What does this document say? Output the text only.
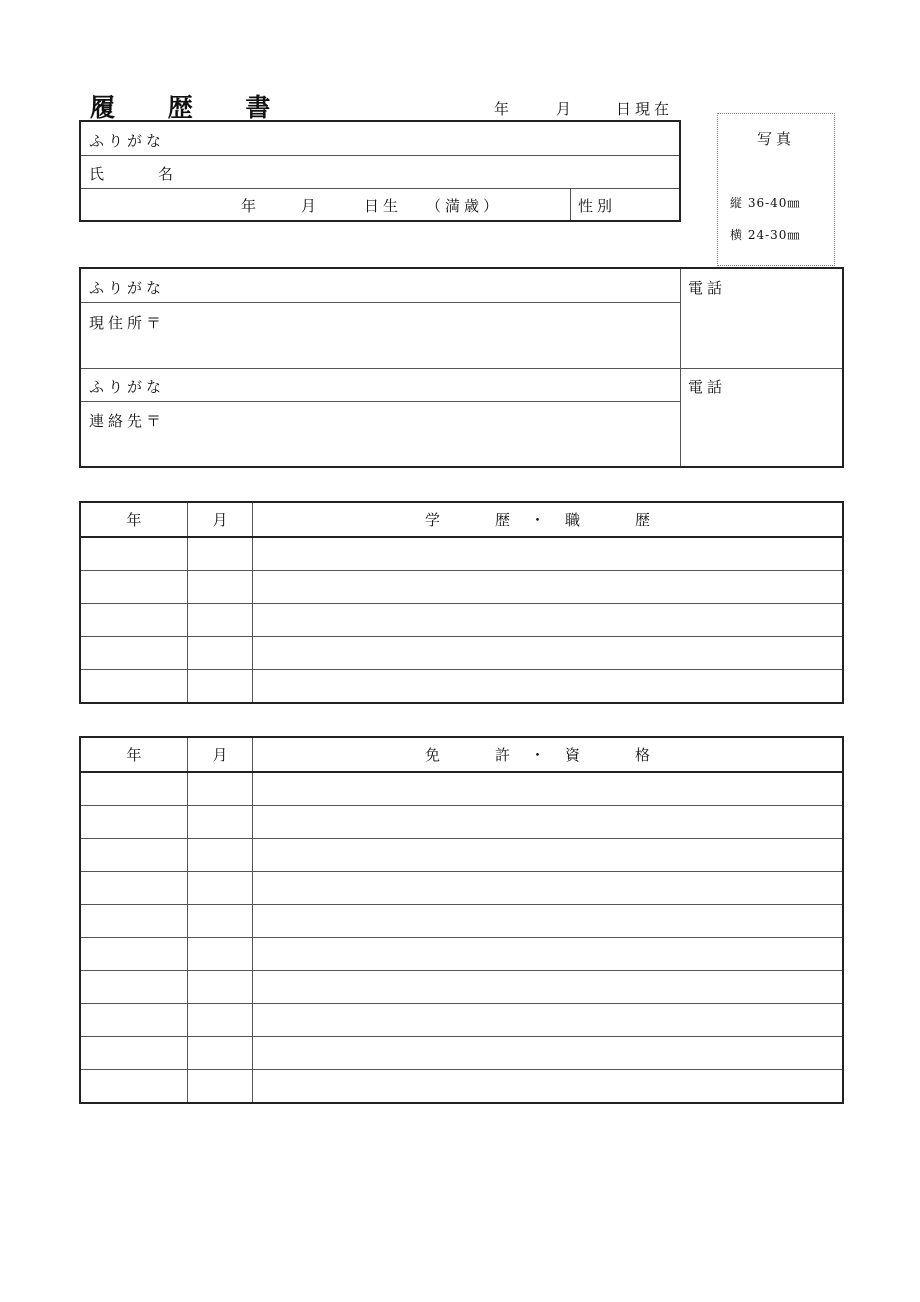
履 歴 書	年	月	日現在
ふりがな
氏　　名
年	月	日生 （満歳）	性別
写真
縦 36-40㎜
横 24-30㎜
ふりがな
現住所〒
電話
ふりがな
連絡先〒
電話
年	月	学　歴・職　歴

年	月	免　許・資　格
